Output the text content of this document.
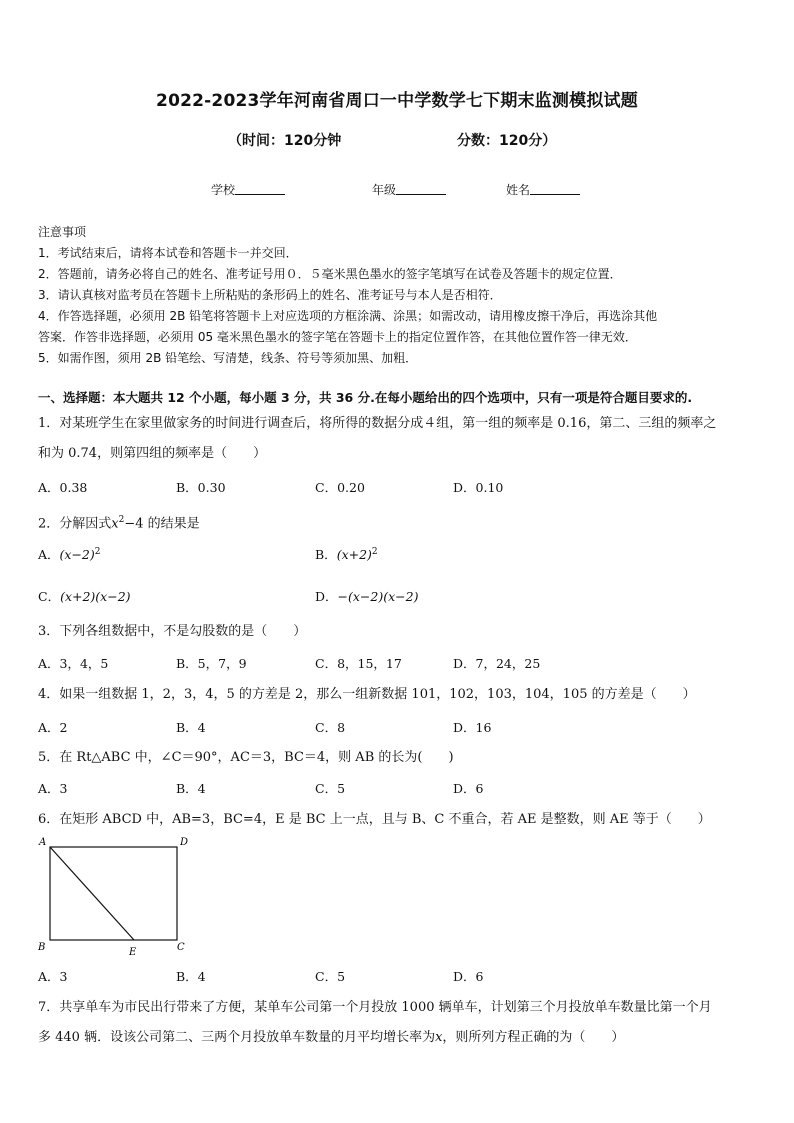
2022-2023学年河南省周口一中学数学七下期末监测模拟试题
（时间：120分钟	分数：120分）
学校	年级	姓名
注意事项
1．考试结束后，请将本试卷和答题卡一并交回．
2．答题前，请务必将自己的姓名、准考证号用０．５毫米黑色墨水的签字笔填写在试卷及答题卡的规定位置．
3．请认真核对监考员在答题卡上所粘贴的条形码上的姓名、准考证号与本人是否相符．
4．作答选择题，必须用 2B 铅笔将答题卡上对应选项的方框涂满、涂黑；如需改动，请用橡皮擦干净后，再选涂其他
答案．作答非选择题，必须用 05 毫米黑色墨水的签字笔在答题卡上的指定位置作答，在其他位置作答一律无效．
5．如需作图，须用 2B 铅笔绘、写清楚，线条、符号等须加黑、加粗．
一、选择题：本大题共 12 个小题，每小题 3 分，共 36 分.在每小题给出的四个选项中，只有一项是符合题目要求的.
1．对某班学生在家里做家务的时间进行调查后，将所得的数据分成４组，第一组的频率是 0.16，第二、三组的频率之
和为 0.74，则第四组的频率是（　　）
A．0.38	B．0.30	C．0.20	D．0.10
2．分解因式$x^2-4$ 的结果是
A．$(x-2)^2$	B．$(x+2)^2$
C．(x+2)(x−2)	D．−(x−2)(x−2)
3．下列各组数据中，不是勾股数的是（　　）
A．3，4，5	B．5，7，9	C．8，15，17	D．7，24，25
4．如果一组数据 1，2，3，4，5 的方差是 2，那么一组新数据 101，102，103，104，105 的方差是（　　）
A．2	B．4	C．8	D．16
5．在 Rt△ABC 中，∠C＝90°，AC＝3，BC＝4，则 AB 的长为(　　)
A．3	B．4	C．5	D．6
6．在矩形 ABCD 中，AB=3，BC=4，E 是 BC 上一点，且与 B、C 不重合，若 AE 是整数，则 AE 等于（　　）
A	D
B	C
E
A．3	B．4	C．5	D．6
7．共享单车为市民出行带来了方便，某单车公司第一个月投放 1000 辆单车，计划第三个月投放单车数量比第一个月
多 440 辆．设该公司第二、三两个月投放单车数量的月平均增长率为x，则所列方程正确的为（　　）
